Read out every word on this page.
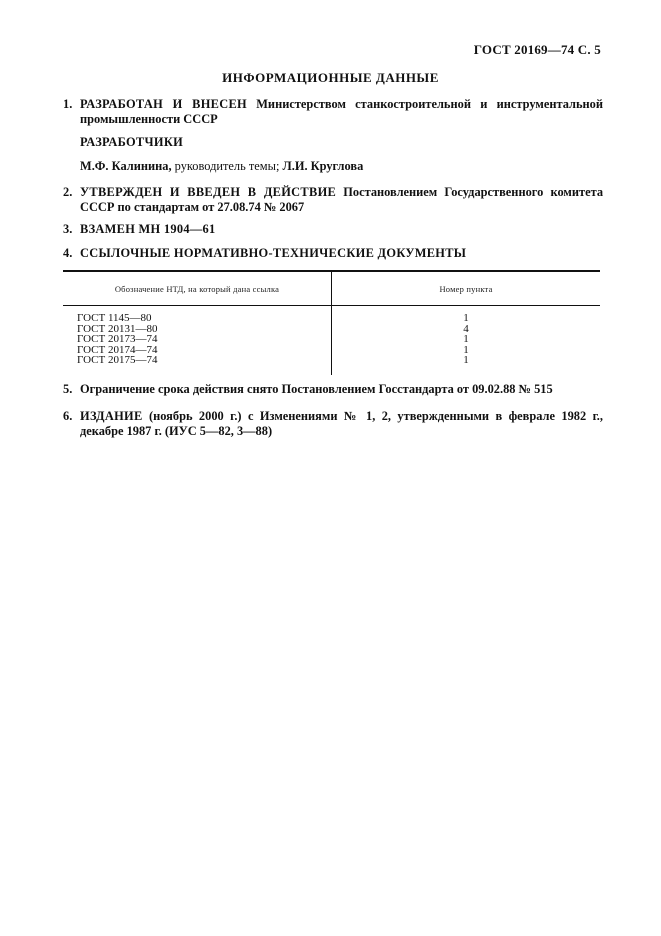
ГОСТ 20169—74 С. 5
ИНФОРМАЦИОННЫЕ ДАННЫЕ
1. РАЗРАБОТАН И ВНЕСЕН Министерством станкостроительной и инструментальной промышленности СССР
РАЗРАБОТЧИКИ
М.Ф. Калинина, руководитель темы; Л.И. Круглова
2. УТВЕРЖДЕН И ВВЕДЕН В ДЕЙСТВИЕ Постановлением Государственного комитета СССР по стандартам от 27.08.74 № 2067
3. ВЗАМЕН МН 1904—61
4. ССЫЛОЧНЫЕ НОРМАТИВНО-ТЕХНИЧЕСКИЕ ДОКУМЕНТЫ
Обозначение НТД, на который дана ссылка	Номер пункта
ГОСТ 1145—80
ГОСТ 20131—80
ГОСТ 20173—74
ГОСТ 20174—74
ГОСТ 20175—74
1
4
1
1
1
5. Ограничение срока действия снято Постановлением Госстандарта от 09.02.88 № 515
6. ИЗДАНИЕ (ноябрь 2000 г.) с Изменениями № 1, 2, утвержденными в феврале 1982 г., декабре 1987 г. (ИУС 5—82, 3—88)
